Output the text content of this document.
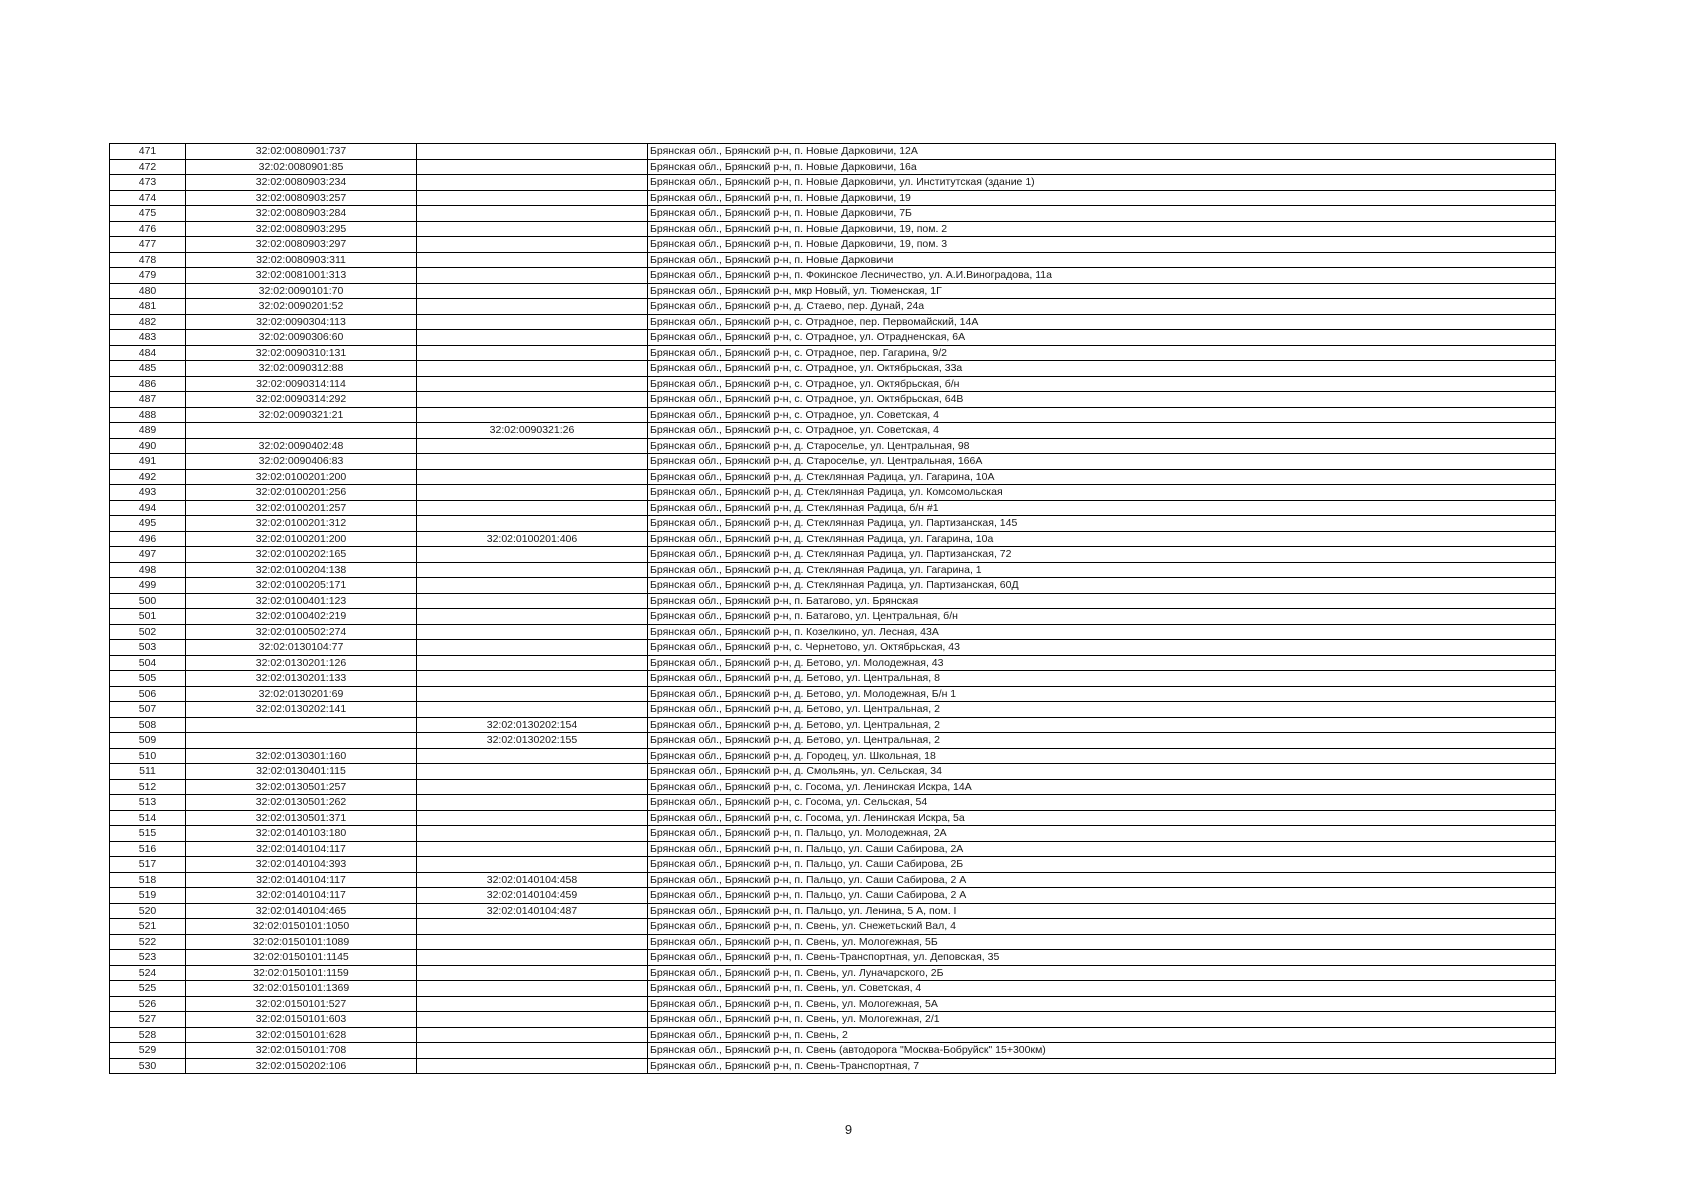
471	32:02:0080901:737		Брянская обл., Брянский р-н, п. Новые Дарковичи, 12А
472	32:02:0080901:85		Брянская обл., Брянский р-н, п. Новые Дарковичи, 16а
473	32:02:0080903:234		Брянская обл., Брянский р-н, п. Новые Дарковичи, ул. Институтская (здание 1)
474	32:02:0080903:257		Брянская обл., Брянский р-н, п. Новые Дарковичи, 19
475	32:02:0080903:284		Брянская обл., Брянский р-н, п. Новые Дарковичи, 7Б
476	32:02:0080903:295		Брянская обл., Брянский р-н, п. Новые Дарковичи, 19, пом. 2
477	32:02:0080903:297		Брянская обл., Брянский р-н, п. Новые Дарковичи, 19, пом. 3
478	32:02:0080903:311		Брянская обл., Брянский р-н, п. Новые Дарковичи
479	32:02:0081001:313		Брянская обл., Брянский р-н, п. Фокинское Лесничество, ул. А.И.Виноградова, 11а
480	32:02:0090101:70		Брянская обл., Брянский р-н, мкр Новый, ул. Тюменская, 1Г
481	32:02:0090201:52		Брянская обл., Брянский р-н, д. Стаево, пер. Дунай, 24а
482	32:02:0090304:113		Брянская обл., Брянский р-н, с. Отрадное, пер. Первомайский, 14А
483	32:02:0090306:60		Брянская обл., Брянский р-н, с. Отрадное, ул. Отрадненская, 6А
484	32:02:0090310:131		Брянская обл., Брянский р-н, с. Отрадное, пер. Гагарина, 9/2
485	32:02:0090312:88		Брянская обл., Брянский р-н, с. Отрадное, ул. Октябрьская, 33а
486	32:02:0090314:114		Брянская обл., Брянский р-н, с. Отрадное, ул. Октябрьская, б/н
487	32:02:0090314:292		Брянская обл., Брянский р-н, с. Отрадное, ул. Октябрьская, 64В
488	32:02:0090321:21		Брянская обл., Брянский р-н, с. Отрадное, ул. Советская, 4
489		32:02:0090321:26	Брянская обл., Брянский р-н, с. Отрадное, ул. Советская, 4
490	32:02:0090402:48		Брянская обл., Брянский р-н, д. Староселье, ул. Центральная, 98
491	32:02:0090406:83		Брянская обл., Брянский р-н, д. Староселье, ул. Центральная, 166А
492	32:02:0100201:200		Брянская обл., Брянский р-н, д. Стеклянная Радица, ул. Гагарина, 10А
493	32:02:0100201:256		Брянская обл., Брянский р-н, д. Стеклянная Радица, ул. Комсомольская
494	32:02:0100201:257		Брянская обл., Брянский р-н, д. Стеклянная Радица, б/н #1
495	32:02:0100201:312		Брянская обл., Брянский р-н, д. Стеклянная Радица, ул. Партизанская, 145
496	32:02:0100201:200	32:02:0100201:406	Брянская обл., Брянский р-н, д. Стеклянная Радица, ул. Гагарина, 10а
497	32:02:0100202:165		Брянская обл., Брянский р-н, д. Стеклянная Радица, ул. Партизанская, 72
498	32:02:0100204:138		Брянская обл., Брянский р-н, д. Стеклянная Радица, ул. Гагарина, 1
499	32:02:0100205:171		Брянская обл., Брянский р-н, д. Стеклянная Радица, ул. Партизанская, 60Д
500	32:02:0100401:123		Брянская обл., Брянский р-н, п. Батагово, ул. Брянская
501	32:02:0100402:219		Брянская обл., Брянский р-н, п. Батагово, ул. Центральная, б/н
502	32:02:0100502:274		Брянская обл., Брянский р-н, п. Козелкино, ул. Лесная, 43А
503	32:02:0130104:77		Брянская обл., Брянский р-н, с. Чернетово, ул. Октябрьская, 43
504	32:02:0130201:126		Брянская обл., Брянский р-н, д. Бетово, ул. Молодежная, 43
505	32:02:0130201:133		Брянская обл., Брянский р-н, д. Бетово, ул. Центральная, 8
506	32:02:0130201:69		Брянская обл., Брянский р-н, д. Бетово, ул. Молодежная, Б/н 1
507	32:02:0130202:141		Брянская обл., Брянский р-н, д. Бетово, ул. Центральная, 2
508		32:02:0130202:154	Брянская обл., Брянский р-н, д. Бетово, ул. Центральная, 2
509		32:02:0130202:155	Брянская обл., Брянский р-н, д. Бетово, ул. Центральная, 2
510	32:02:0130301:160		Брянская обл., Брянский р-н, д. Городец, ул. Школьная, 18
511	32:02:0130401:115		Брянская обл., Брянский р-н, д. Смольянь, ул. Сельская, 34
512	32:02:0130501:257		Брянская обл., Брянский р-н, с. Госома, ул. Ленинская Искра, 14А
513	32:02:0130501:262		Брянская обл., Брянский р-н, с. Госома, ул. Сельская, 54
514	32:02:0130501:371		Брянская обл., Брянский р-н, с. Госома, ул. Ленинская Искра, 5а
515	32:02:0140103:180		Брянская обл., Брянский р-н, п. Пальцо, ул. Молодежная, 2А
516	32:02:0140104:117		Брянская обл., Брянский р-н, п. Пальцо, ул. Саши Сабирова, 2А
517	32:02:0140104:393		Брянская обл., Брянский р-н, п. Пальцо, ул. Саши Сабирова, 2Б
518	32:02:0140104:117	32:02:0140104:458	Брянская обл., Брянский р-н, п. Пальцо, ул. Саши Сабирова, 2 А
519	32:02:0140104:117	32:02:0140104:459	Брянская обл., Брянский р-н, п. Пальцо, ул. Саши Сабирова, 2 А
520	32:02:0140104:465	32:02:0140104:487	Брянская обл., Брянский р-н, п. Пальцо, ул. Ленина, 5 А, пом. I
521	32:02:0150101:1050		Брянская обл., Брянский р-н, п. Свень, ул. Снежетьский Вал, 4
522	32:02:0150101:1089		Брянская обл., Брянский р-н, п. Свень, ул. Мологежная, 5Б
523	32:02:0150101:1145		Брянская обл., Брянский р-н, п. Свень-Транспортная, ул. Деповская, 35
524	32:02:0150101:1159		Брянская обл., Брянский р-н, п. Свень, ул. Луначарского, 2Б
525	32:02:0150101:1369		Брянская обл., Брянский р-н, п. Свень, ул. Советская, 4
526	32:02:0150101:527		Брянская обл., Брянский р-н, п. Свень, ул. Мологежная, 5А
527	32:02:0150101:603		Брянская обл., Брянский р-н, п. Свень, ул. Мологежная, 2/1
528	32:02:0150101:628		Брянская обл., Брянский р-н, п. Свень, 2
529	32:02:0150101:708		Брянская обл., Брянский р-н, п. Свень (автодорога "Москва-Бобруйск" 15+300км)
530	32:02:0150202:106		Брянская обл., Брянский р-н, п. Свень-Транспортная, 7
9
